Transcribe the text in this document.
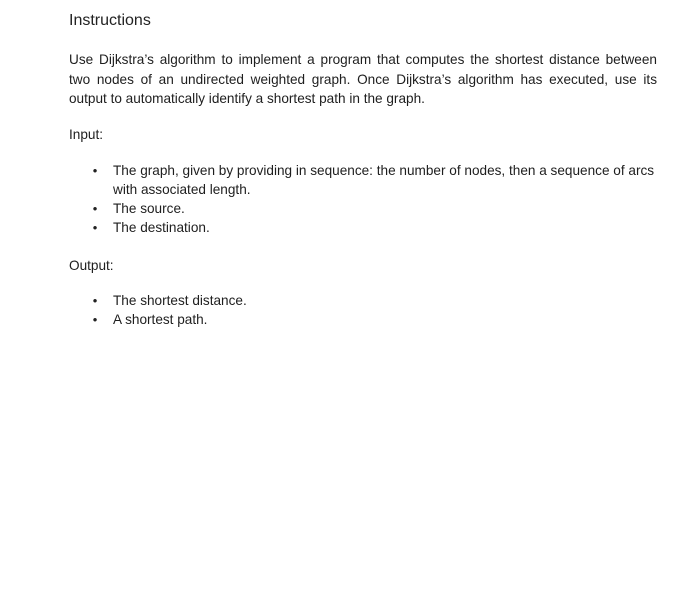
Instructions

Use Dijkstra’s algorithm to implement a program that computes the shortest distance between two nodes of an undirected weighted graph. Once Dijkstra’s algorithm has executed, use its output to automatically identify a shortest path in the graph.

Input:
• The graph, given by providing in sequence: the number of nodes, then a sequence of arcs with associated length.
• The source.
• The destination.
Output:
• The shortest distance.
• A shortest path.
